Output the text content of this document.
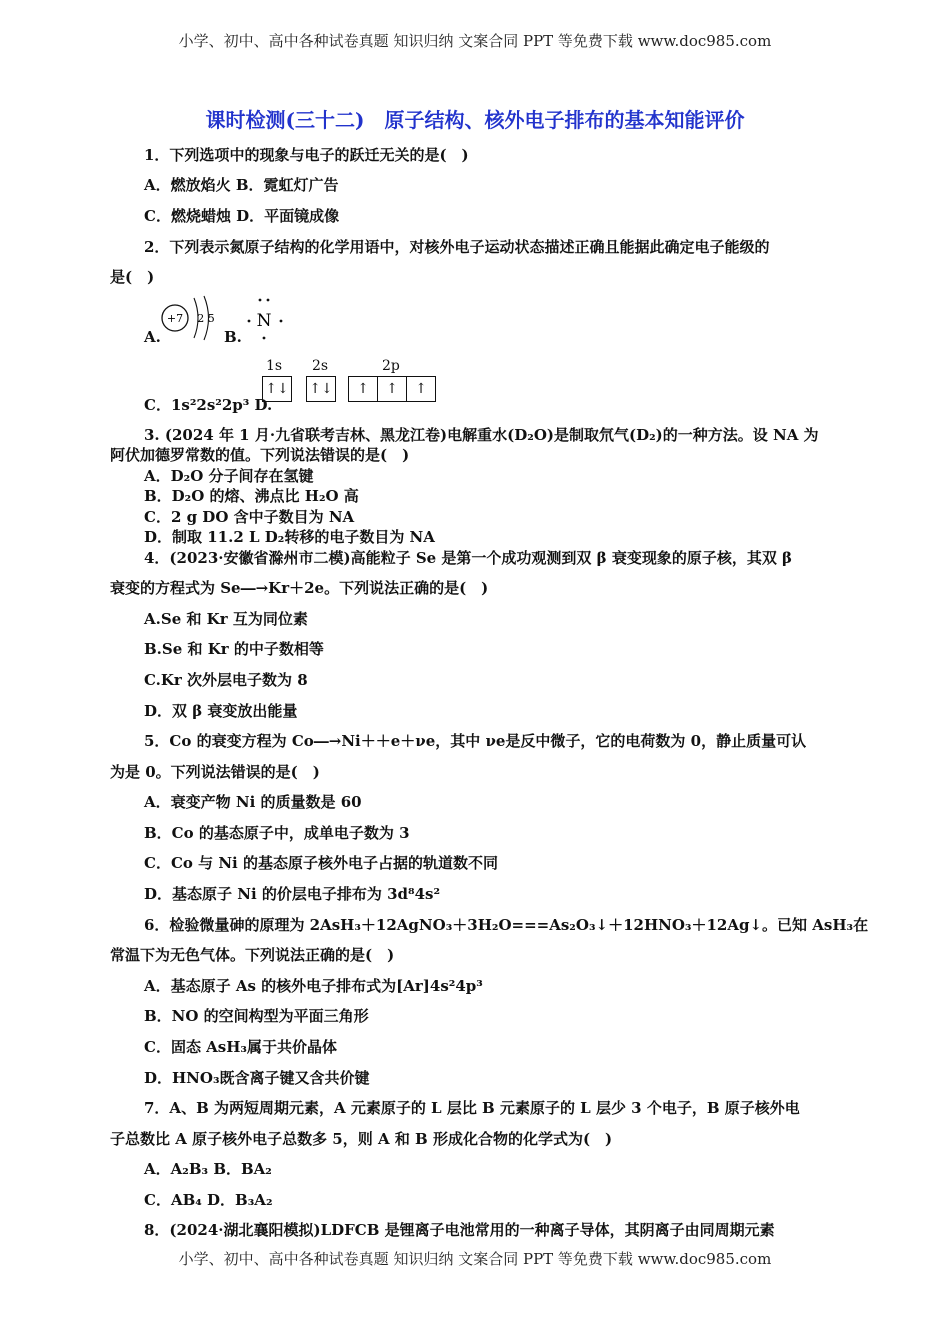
小学、初中、高中各种试卷真题 知识归纳 文案合同 PPT 等免费下载 www.doc985.com
课时检测(三十二)　原子结构、核外电子排布的基本知能评价
1．下列选项中的现象与电子的跃迁无关的是(　)
A．燃放焰火 B．霓虹灯广告
C．燃烧蜡烛 D．平面镜成像
2．下列表示氮原子结构的化学用语中，对核外电子运动状态描述正确且能据此确定电子能级的
是(　)
A.
+7 2 5
B.
N
C．1s²2s²2p³ D.
1s 2s	2p
↑↓ ↑↓	↑ ↑ ↑
3. (2024 年 1 月·九省联考吉林、黑龙江卷)电解重水(D₂O)是制取氘气(D₂)的一种方法。设 NA 为
阿伏加德罗常数的值。下列说法错误的是(　)
A．D₂O 分子间存在氢键
B．D₂O 的熔、沸点比 H₂O 高
C．2 g DO 含中子数目为 NA
D．制取 11.2 L D₂转移的电子数目为 NA
4．(2023·安徽省滁州市二模)高能粒子 Se 是第一个成功观测到双 β 衰变现象的原子核，其双 β
衰变的方程式为 Se―→Kr＋2e。下列说法正确的是(　)
A.Se 和 Kr 互为同位素
B.Se 和 Kr 的中子数相等
C.Kr 次外层电子数为 8
D．双 β 衰变放出能量
5．Co 的衰变方程为 Co―→Ni＋＋e＋νe，其中 νe是反中微子，它的电荷数为 0，静止质量可认
为是 0。下列说法错误的是(　)
A．衰变产物 Ni 的质量数是 60
B．Co 的基态原子中，成单电子数为 3
C．Co 与 Ni 的基态原子核外电子占据的轨道数不同
D．基态原子 Ni 的价层电子排布为 3d⁸4s²
6．检验微量砷的原理为 2AsH₃＋12AgNO₃＋3H₂O===As₂O₃↓＋12HNO₃＋12Ag↓。已知 AsH₃在
常温下为无色气体。下列说法正确的是(　)
A．基态原子 As 的核外电子排布式为[Ar]4s²4p³
B．NO 的空间构型为平面三角形
C．固态 AsH₃属于共价晶体
D．HNO₃既含离子键又含共价键
7．A、B 为两短周期元素，A 元素原子的 L 层比 B 元素原子的 L 层少 3 个电子，B 原子核外电
子总数比 A 原子核外电子总数多 5，则 A 和 B 形成化合物的化学式为(　)
A．A₂B₃ B．BA₂
C．AB₄ D．B₃A₂
8．(2024·湖北襄阳模拟)LDFCB 是锂离子电池常用的一种离子导体，其阴离子由同周期元素
小学、初中、高中各种试卷真题 知识归纳 文案合同 PPT 等免费下载 www.doc985.com
